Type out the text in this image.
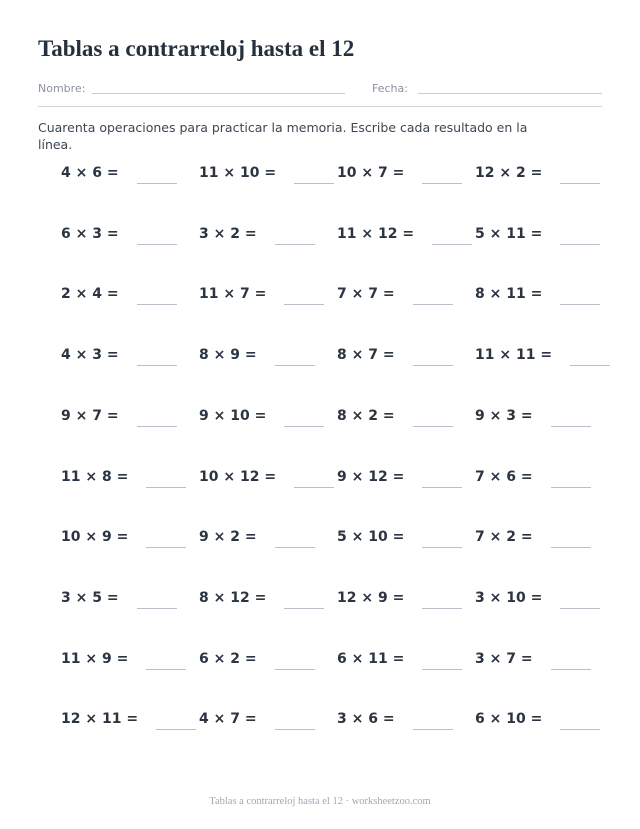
Tablas a contrarreloj hasta el 12
Nombre:	Fecha:

Cuarenta operaciones para practicar la memoria. Escribe cada resultado en la línea.

4 × 6 =	11 × 10 =	10 × 7 =	12 × 2 =
6 × 3 =	3 × 2 =	11 × 12 =	5 × 11 =
2 × 4 =	11 × 7 =	7 × 7 =	8 × 11 =
4 × 3 =	8 × 9 =	8 × 7 =	11 × 11 =
9 × 7 =	9 × 10 =	8 × 2 =	9 × 3 =
11 × 8 =	10 × 12 =	9 × 12 =	7 × 6 =
10 × 9 =	9 × 2 =	5 × 10 =	7 × 2 =
3 × 5 =	8 × 12 =	12 × 9 =	3 × 10 =
11 × 9 =	6 × 2 =	6 × 11 =	3 × 7 =
12 × 11 =	4 × 7 =	3 × 6 =	6 × 10 =
Tablas a contrarreloj hasta el 12 · worksheetzoo.com
